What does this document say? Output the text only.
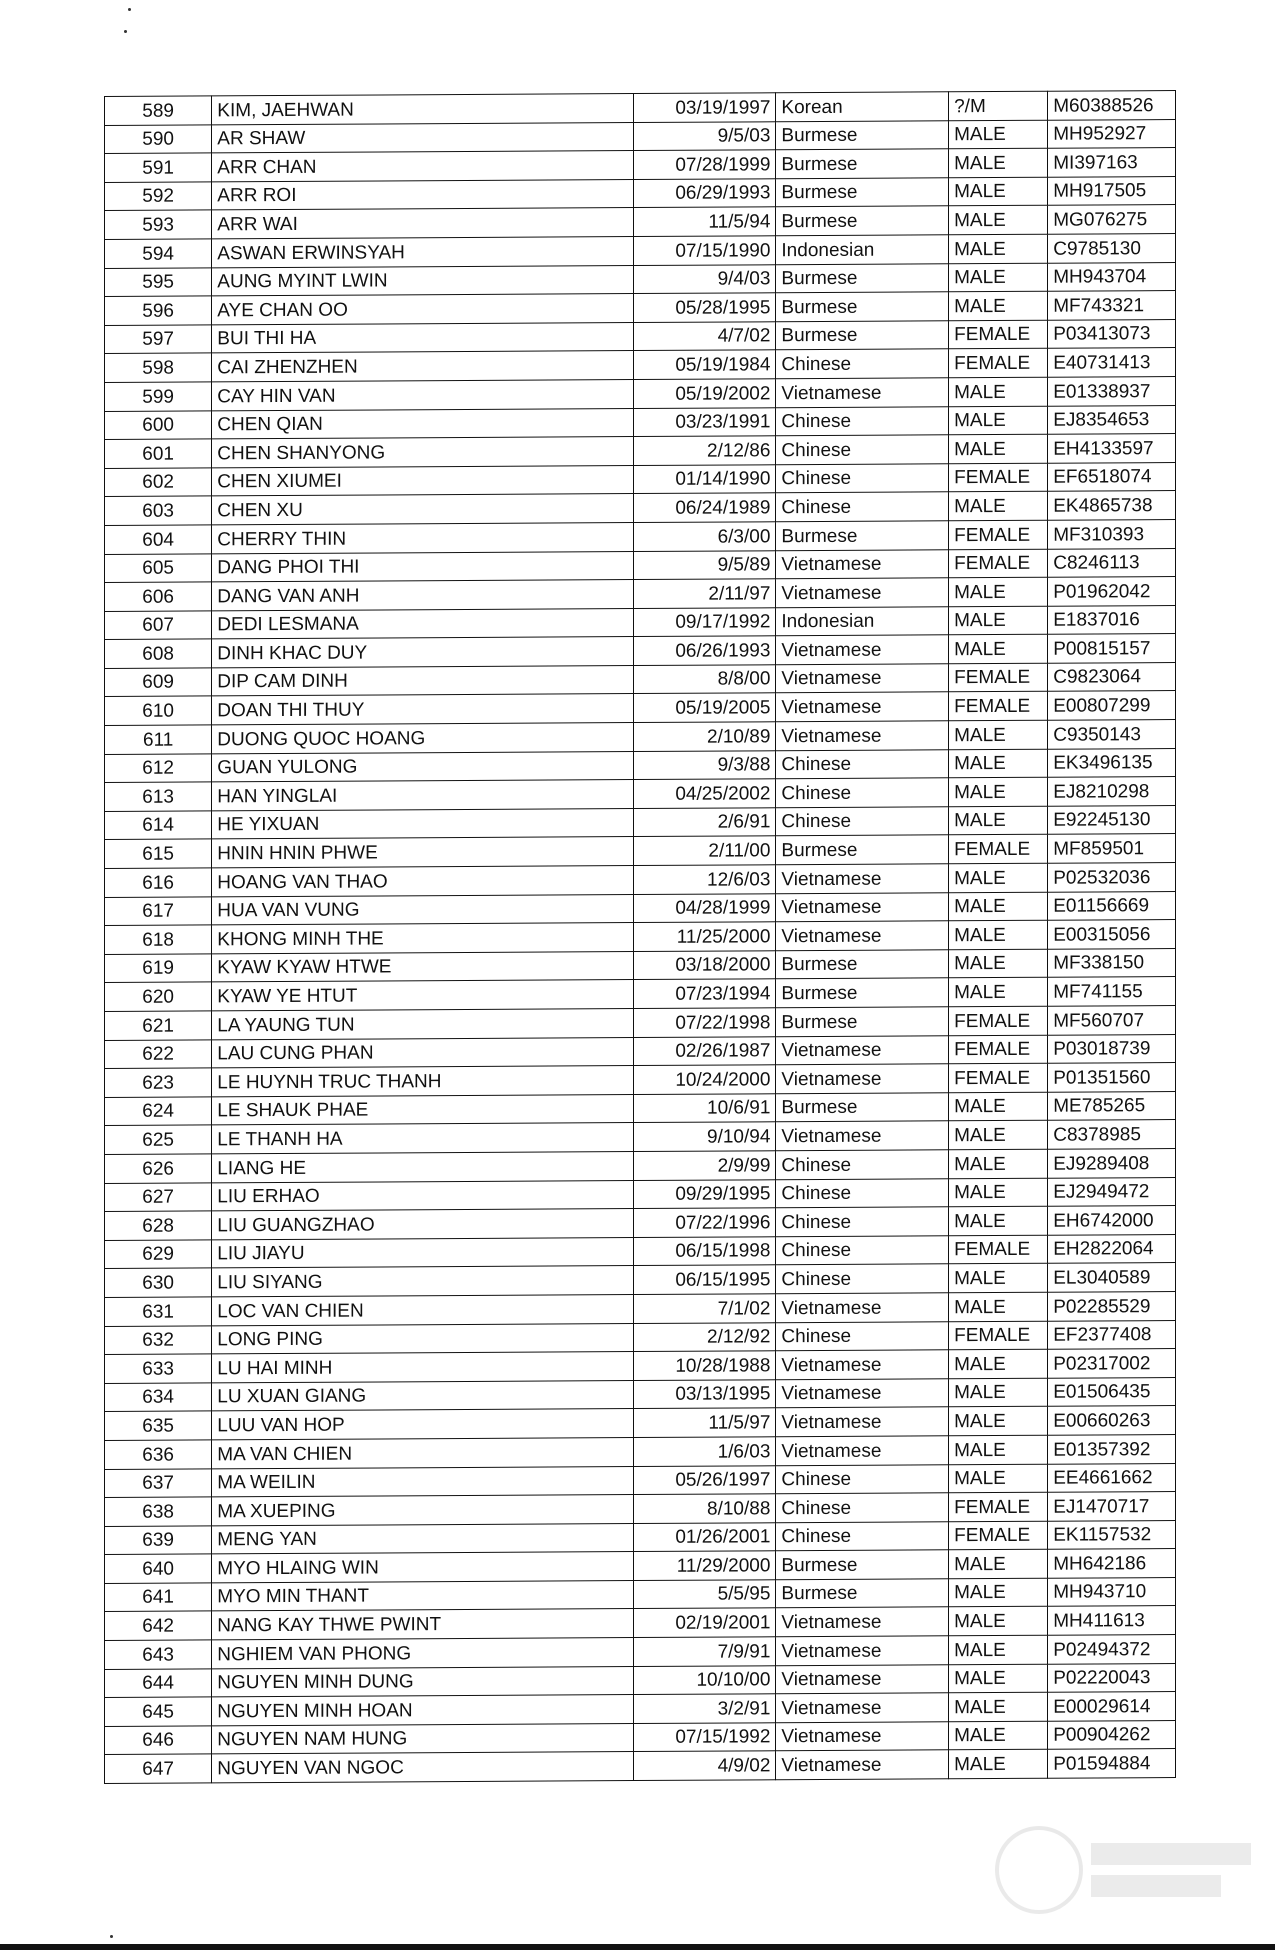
589	KIM, JAEHWAN	03/19/1997	Korean	?/M	M60388526
590	AR SHAW	9/5/03	Burmese	MALE	MH952927
591	ARR CHAN	07/28/1999	Burmese	MALE	MI397163
592	ARR ROI	06/29/1993	Burmese	MALE	MH917505
593	ARR WAI	11/5/94	Burmese	MALE	MG076275
594	ASWAN ERWINSYAH	07/15/1990	Indonesian	MALE	C9785130
595	AUNG MYINT LWIN	9/4/03	Burmese	MALE	MH943704
596	AYE CHAN OO	05/28/1995	Burmese	MALE	MF743321
597	BUI THI HA	4/7/02	Burmese	FEMALE	P03413073
598	CAI ZHENZHEN	05/19/1984	Chinese	FEMALE	E40731413
599	CAY HIN VAN	05/19/2002	Vietnamese	MALE	E01338937
600	CHEN QIAN	03/23/1991	Chinese	MALE	EJ8354653
601	CHEN SHANYONG	2/12/86	Chinese	MALE	EH4133597
602	CHEN XIUMEI	01/14/1990	Chinese	FEMALE	EF6518074
603	CHEN XU	06/24/1989	Chinese	MALE	EK4865738
604	CHERRY THIN	6/3/00	Burmese	FEMALE	MF310393
605	DANG PHOI THI	9/5/89	Vietnamese	FEMALE	C8246113
606	DANG VAN ANH	2/11/97	Vietnamese	MALE	P01962042
607	DEDI LESMANA	09/17/1992	Indonesian	MALE	E1837016
608	DINH KHAC DUY	06/26/1993	Vietnamese	MALE	P00815157
609	DIP CAM DINH	8/8/00	Vietnamese	FEMALE	C9823064
610	DOAN THI THUY	05/19/2005	Vietnamese	FEMALE	E00807299
611	DUONG QUOC HOANG	2/10/89	Vietnamese	MALE	C9350143
612	GUAN YULONG	9/3/88	Chinese	MALE	EK3496135
613	HAN YINGLAI	04/25/2002	Chinese	MALE	EJ8210298
614	HE YIXUAN	2/6/91	Chinese	MALE	E92245130
615	HNIN HNIN PHWE	2/11/00	Burmese	FEMALE	MF859501
616	HOANG VAN THAO	12/6/03	Vietnamese	MALE	P02532036
617	HUA VAN VUNG	04/28/1999	Vietnamese	MALE	E01156669
618	KHONG MINH THE	11/25/2000	Vietnamese	MALE	E00315056
619	KYAW KYAW HTWE	03/18/2000	Burmese	MALE	MF338150
620	KYAW YE HTUT	07/23/1994	Burmese	MALE	MF741155
621	LA YAUNG TUN	07/22/1998	Burmese	FEMALE	MF560707
622	LAU CUNG PHAN	02/26/1987	Vietnamese	FEMALE	P03018739
623	LE HUYNH TRUC THANH	10/24/2000	Vietnamese	FEMALE	P01351560
624	LE SHAUK PHAE	10/6/91	Burmese	MALE	ME785265
625	LE THANH HA	9/10/94	Vietnamese	MALE	C8378985
626	LIANG HE	2/9/99	Chinese	MALE	EJ9289408
627	LIU ERHAO	09/29/1995	Chinese	MALE	EJ2949472
628	LIU GUANGZHAO	07/22/1996	Chinese	MALE	EH6742000
629	LIU JIAYU	06/15/1998	Chinese	FEMALE	EH2822064
630	LIU SIYANG	06/15/1995	Chinese	MALE	EL3040589
631	LOC VAN CHIEN	7/1/02	Vietnamese	MALE	P02285529
632	LONG PING	2/12/92	Chinese	FEMALE	EF2377408
633	LU HAI MINH	10/28/1988	Vietnamese	MALE	P02317002
634	LU XUAN GIANG	03/13/1995	Vietnamese	MALE	E01506435
635	LUU VAN HOP	11/5/97	Vietnamese	MALE	E00660263
636	MA VAN CHIEN	1/6/03	Vietnamese	MALE	E01357392
637	MA WEILIN	05/26/1997	Chinese	MALE	EE4661662
638	MA XUEPING	8/10/88	Chinese	FEMALE	EJ1470717
639	MENG YAN	01/26/2001	Chinese	FEMALE	EK1157532
640	MYO HLAING WIN	11/29/2000	Burmese	MALE	MH642186
641	MYO MIN THANT	5/5/95	Burmese	MALE	MH943710
642	NANG KAY THWE PWINT	02/19/2001	Vietnamese	MALE	MH411613
643	NGHIEM VAN PHONG	7/9/91	Vietnamese	MALE	P02494372
644	NGUYEN MINH DUNG	10/10/00	Vietnamese	MALE	P02220043
645	NGUYEN MINH HOAN	3/2/91	Vietnamese	MALE	E00029614
646	NGUYEN NAM HUNG	07/15/1992	Vietnamese	MALE	P00904262
647	NGUYEN VAN NGOC	4/9/02	Vietnamese	MALE	P01594884
